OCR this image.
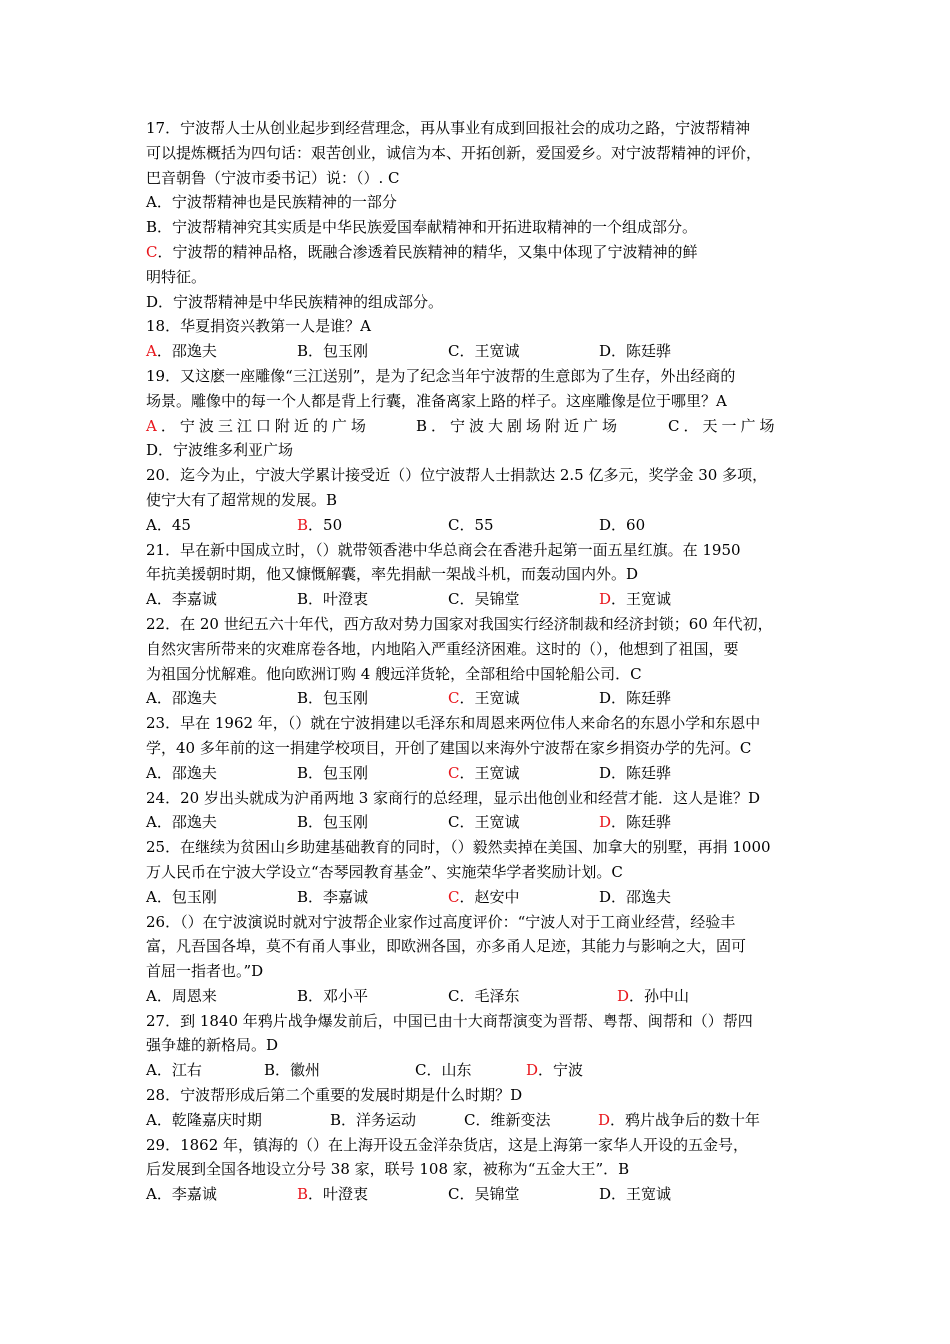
17．宁波帮人士从创业起步到经营理念，再从事业有成到回报社会的成功之路，宁波帮精神
可以提炼概括为四句话：艰苦创业，诚信为本、开拓创新，爱国爱乡。对宁波帮精神的评价，
巴音朝鲁（宁波市委书记）说：（）. C
A．宁波帮精神也是民族精神的一部分
B．宁波帮精神究其实质是中华民族爱国奉献精神和开拓进取精神的一个组成部分。
C．宁波帮的精神品格，既融合渗透着民族精神的精华，又集中体现了宁波精神的鲜
明特征。
D．宁波帮精神是中华民族精神的组成部分。
18．华夏捐资兴教第一人是谁？A
A．邵逸夫	B．包玉刚	C．王宽诚	D．陈廷骅
19．又这麽一座雕像“三江送别”，是为了纪念当年宁波帮的生意郎为了生存，外出经商的
场景。雕像中的每一个人都是背上行囊，准备离家上路的样子。这座雕像是位于哪里？A
A．宁波三江口附近的广场	B．宁波大剧场附近广场	C．天一广场
D．宁波维多利亚广场
20．迄今为止，宁波大学累计接受近（）位宁波帮人士捐款达 2.5 亿多元，奖学金 30 多项，
使宁大有了超常规的发展。B
A．45	B．50	C．55	D．60
21．早在新中国成立时，（）就带领香港中华总商会在香港升起第一面五星红旗。在 1950
年抗美援朝时期，他又慷慨解囊，率先捐献一架战斗机，而轰动国内外。D
A．李嘉诚	B．叶澄衷	C．吴锦堂	D．王宽诚
22．在 20 世纪五六十年代，西方敌对势力国家对我国实行经济制裁和经济封锁；60 年代初，
自然灾害所带来的灾难席卷各地，内地陷入严重经济困难。这时的（），他想到了祖国，要
为祖国分忧解难。他向欧洲订购 4 艘远洋货轮，全部租给中国轮船公司．C
A．邵逸夫	B．包玉刚	C．王宽诚	D．陈廷骅
23．早在 1962 年，（）就在宁波捐建以毛泽东和周恩来两位伟人来命名的东恩小学和东恩中
学，40 多年前的这一捐建学校项目，开创了建国以来海外宁波帮在家乡捐资办学的先河。C
A．邵逸夫	B．包玉刚	C．王宽诚	D．陈廷骅
24．20 岁出头就成为沪甬两地 3 家商行的总经理，显示出他创业和经营才能．这人是谁？D
A．邵逸夫	B．包玉刚	C．王宽诚	D．陈廷骅
25．在继续为贫困山乡助建基础教育的同时，（）毅然卖掉在美国、加拿大的别墅，再捐 1000
万人民币在宁波大学设立“杏琴园教育基金”、实施荣华学者奖励计划。C
A．包玉刚	B．李嘉诚	C．赵安中	D．邵逸夫
26．（）在宁波演说时就对宁波帮企业家作过高度评价：“宁波人对于工商业经营，经验丰
富，凡吾国各埠，莫不有甬人事业，即欧洲各国，亦多甬人足迹，其能力与影响之大，固可
首屈一指者也。”D
A．周恩来	B．邓小平	C．毛泽东	D．孙中山
27．到 1840 年鸦片战争爆发前后，中国已由十大商帮演变为晋帮、粤帮、闽帮和（）帮四
强争雄的新格局。D
A．江右	B．徽州	C．山东	D．宁波
28．宁波帮形成后第二个重要的发展时期是什么时期？D
A．乾隆嘉庆时期	B．洋务运动	C．维新变法	D．鸦片战争后的数十年
29．1862 年，镇海的（）在上海开设五金洋杂货店，这是上海第一家华人开设的五金号，
后发展到全国各地设立分号 38 家，联号 108 家，被称为“五金大王”．B
A．李嘉诚	B．叶澄衷	C．吴锦堂	D．王宽诚
